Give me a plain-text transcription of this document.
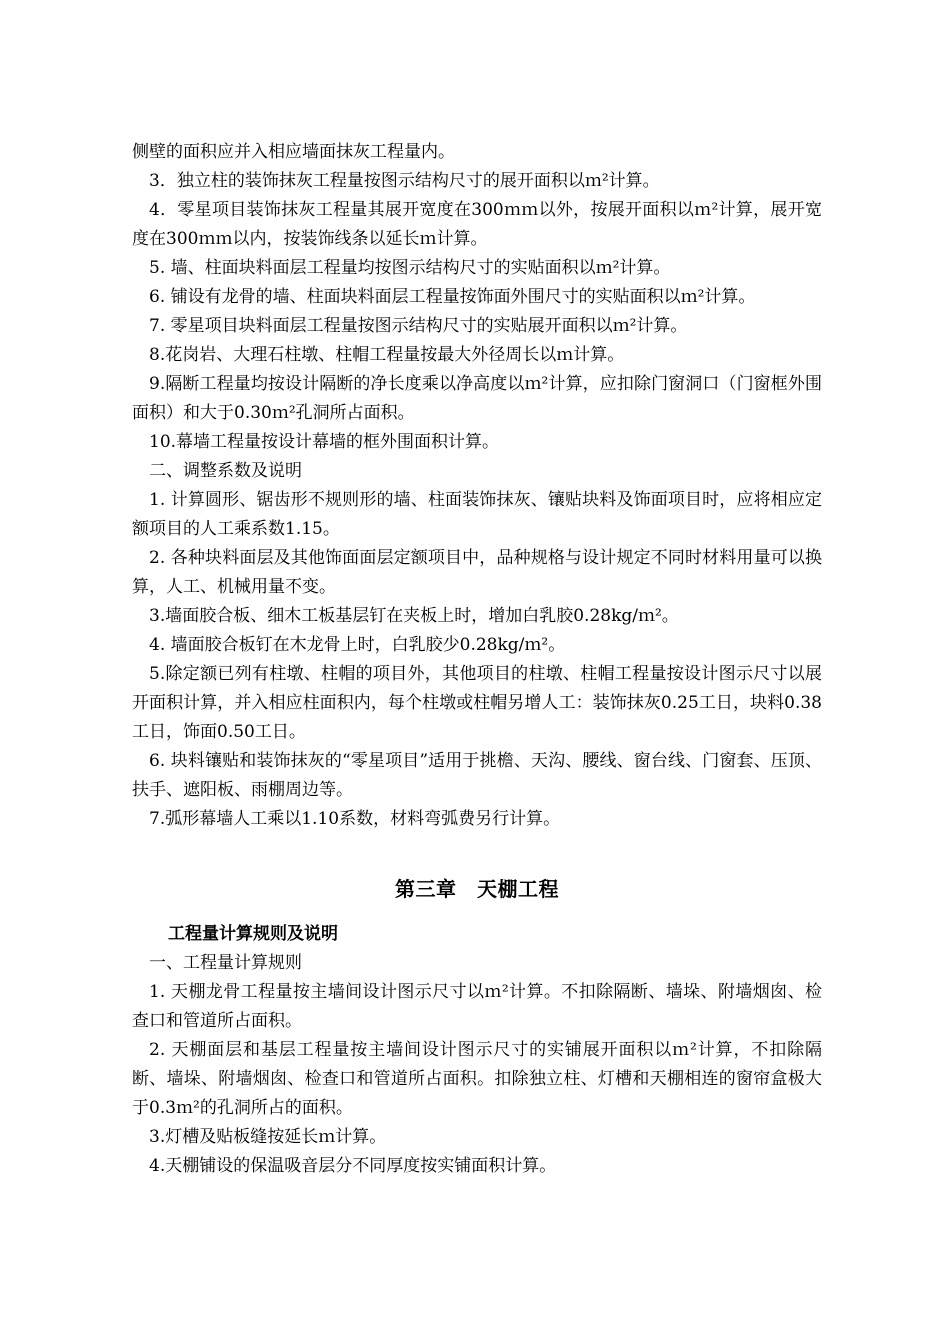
侧壁的面积应并入相应墙面抹灰工程量内。

3．独立柱的装饰抹灰工程量按图示结构尺寸的展开面积以ｍ²计算。

4．零星项目装饰抹灰工程量其展开宽度在300ｍｍ以外，按展开面积以ｍ²计算，展开宽度在300ｍｍ以内，按装饰线条以延长ｍ计算。

5. 墙、柱面块料面层工程量均按图示结构尺寸的实贴面积以ｍ²计算。

6. 铺设有龙骨的墙、柱面块料面层工程量按饰面外围尺寸的实贴面积以ｍ²计算。

7. 零星项目块料面层工程量按图示结构尺寸的实贴展开面积以ｍ²计算。

8.花岗岩、大理石柱墩、柱帽工程量按最大外径周长以ｍ计算。

9.隔断工程量均按设计隔断的净长度乘以净高度以ｍ²计算，应扣除门窗洞口（门窗框外围面积）和大于0.30ｍ²孔洞所占面积。

10.幕墙工程量按设计幕墙的框外围面积计算。

二、调整系数及说明

1. 计算圆形、锯齿形不规则形的墙、柱面装饰抹灰、镶贴块料及饰面项目时，应将相应定额项目的人工乘系数1.15。

2. 各种块料面层及其他饰面面层定额项目中，品种规格与设计规定不同时材料用量可以换算，人工、机械用量不变。

3.墙面胶合板、细木工板基层钉在夹板上时，增加白乳胶0.28kg/ｍ²。

4. 墙面胶合板钉在木龙骨上时，白乳胶少0.28kg/ｍ²。

5.除定额已列有柱墩、柱帽的项目外，其他项目的柱墩、柱帽工程量按设计图示尺寸以展开面积计算，并入相应柱面积内，每个柱墩或柱帽另增人工：装饰抹灰0.25工日，块料0.38工日，饰面0.50工日。

6. 块料镶贴和装饰抹灰的“零星项目”适用于挑檐、天沟、腰线、窗台线、门窗套、压顶、扶手、遮阳板、雨棚周边等。

7.弧形幕墙人工乘以1.10系数，材料弯弧费另行计算。

第三章　天棚工程

工程量计算规则及说明

一、工程量计算规则

1. 天棚龙骨工程量按主墙间设计图示尺寸以ｍ²计算。不扣除隔断、墙垛、附墙烟囱、检查口和管道所占面积。

2. 天棚面层和基层工程量按主墙间设计图示尺寸的实铺展开面积以ｍ²计算，不扣除隔断、墙垛、附墙烟囱、检查口和管道所占面积。扣除独立柱、灯槽和天棚相连的窗帘盒极大于0.3ｍ²的孔洞所占的面积。

3.灯槽及贴板缝按延长ｍ计算。

4.天棚铺设的保温吸音层分不同厚度按实铺面积计算。
